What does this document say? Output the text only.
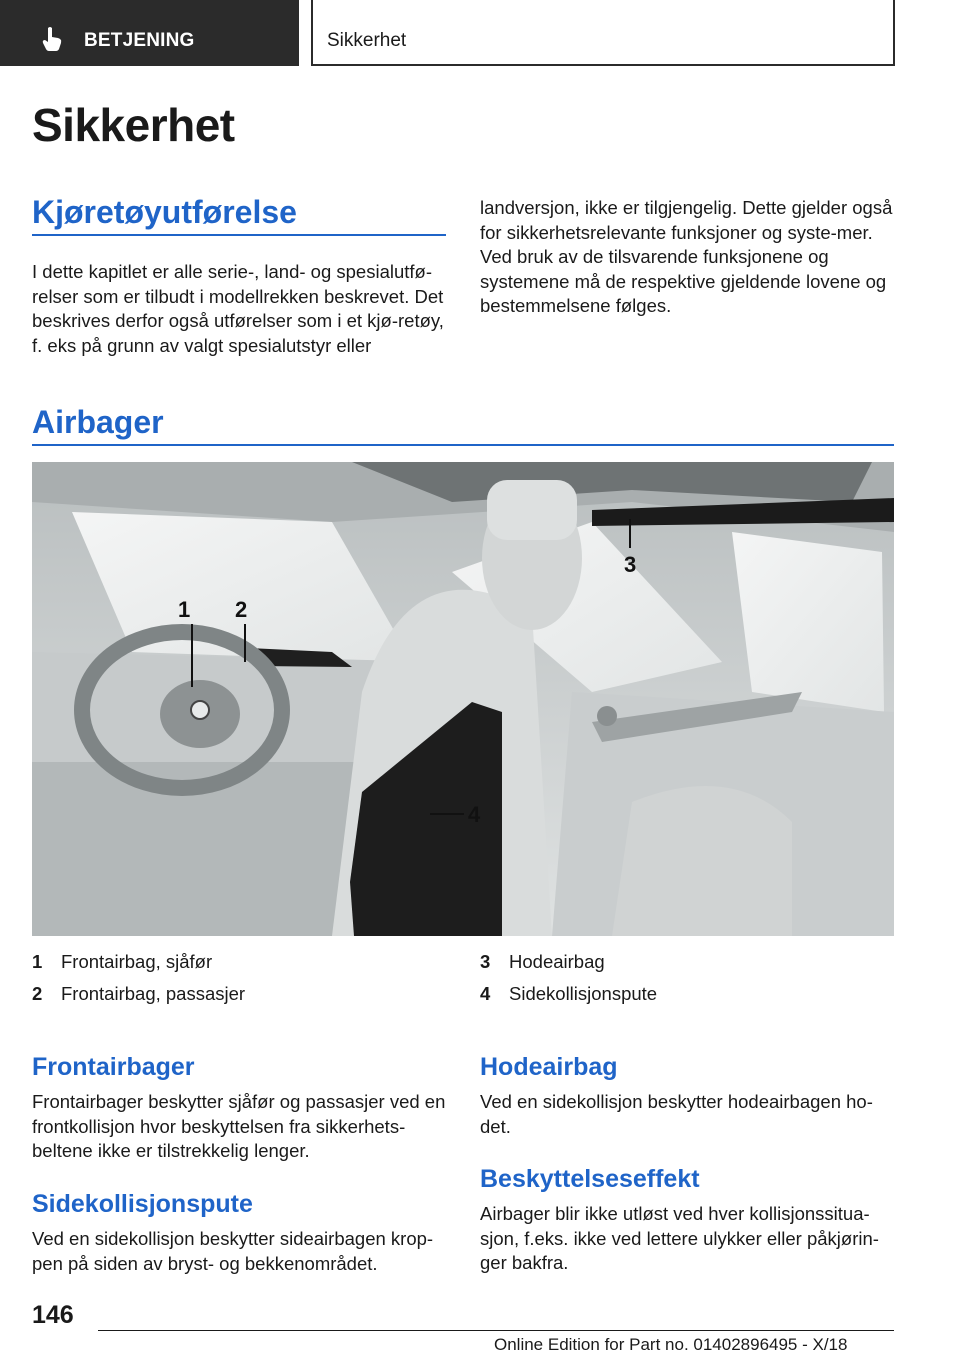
BETJENING	Sikkerhet
Sikkerhet
Kjøretøyutførelse

I dette kapitlet er alle serie-, land- og spesialutfø-relser som er tilbudt i modellrekken beskrevet. Det beskrives derfor også utførelser som i et kjø-retøy, f. eks på grunn av valgt spesialutstyr eller

landversjon, ikke er tilgjengelig. Dette gjelder også for sikkerhetsrelevante funksjoner og syste-mer. Ved bruk av de tilsvarende funksjonene og systemene må de respektive gjeldende lovene og bestemmelsene følges.

Airbager
1 2
3
4
1	Frontairbag, sjåfør
2	Frontairbag, passasjer
3	Hodeairbag
4	Sidekollisjonspute
Frontairbager

Frontairbager beskytter sjåfør og passasjer ved en frontkollisjon hvor beskyttelsen fra sikkerhets-beltene ikke er tilstrekkelig lenger.

Sidekollisjonspute

Ved en sidekollisjon beskytter sideairbagen krop-pen på siden av bryst- og bekkenområdet.

Hodeairbag

Ved en sidekollisjon beskytter hodeairbagen ho-det.

Beskyttelseseffekt

Airbager blir ikke utløst ved hver kollisjonssitua-sjon, f.eks. ikke ved lettere ulykker eller påkjørin-ger bakfra.

146
Online Edition for Part no. 01402896495 - X/18
